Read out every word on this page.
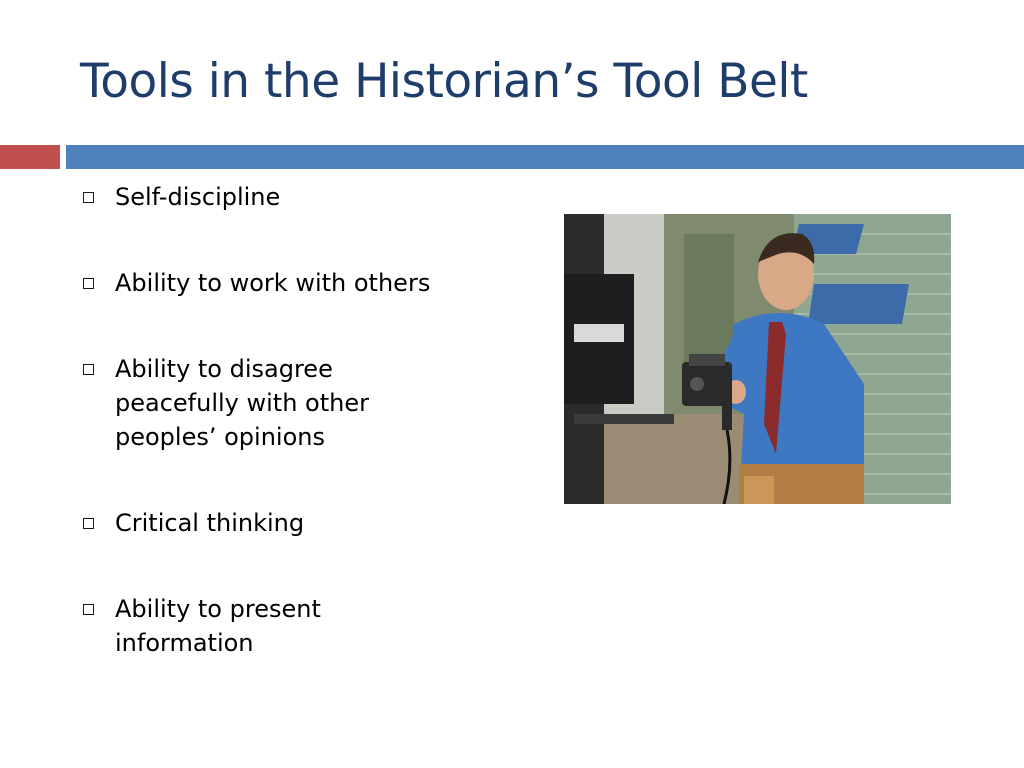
Tools in the Historian’s Tool Belt
Self-discipline
Ability to work with others
Ability to disagree peacefully with other peoples’ opinions
Critical thinking
Ability to present information
